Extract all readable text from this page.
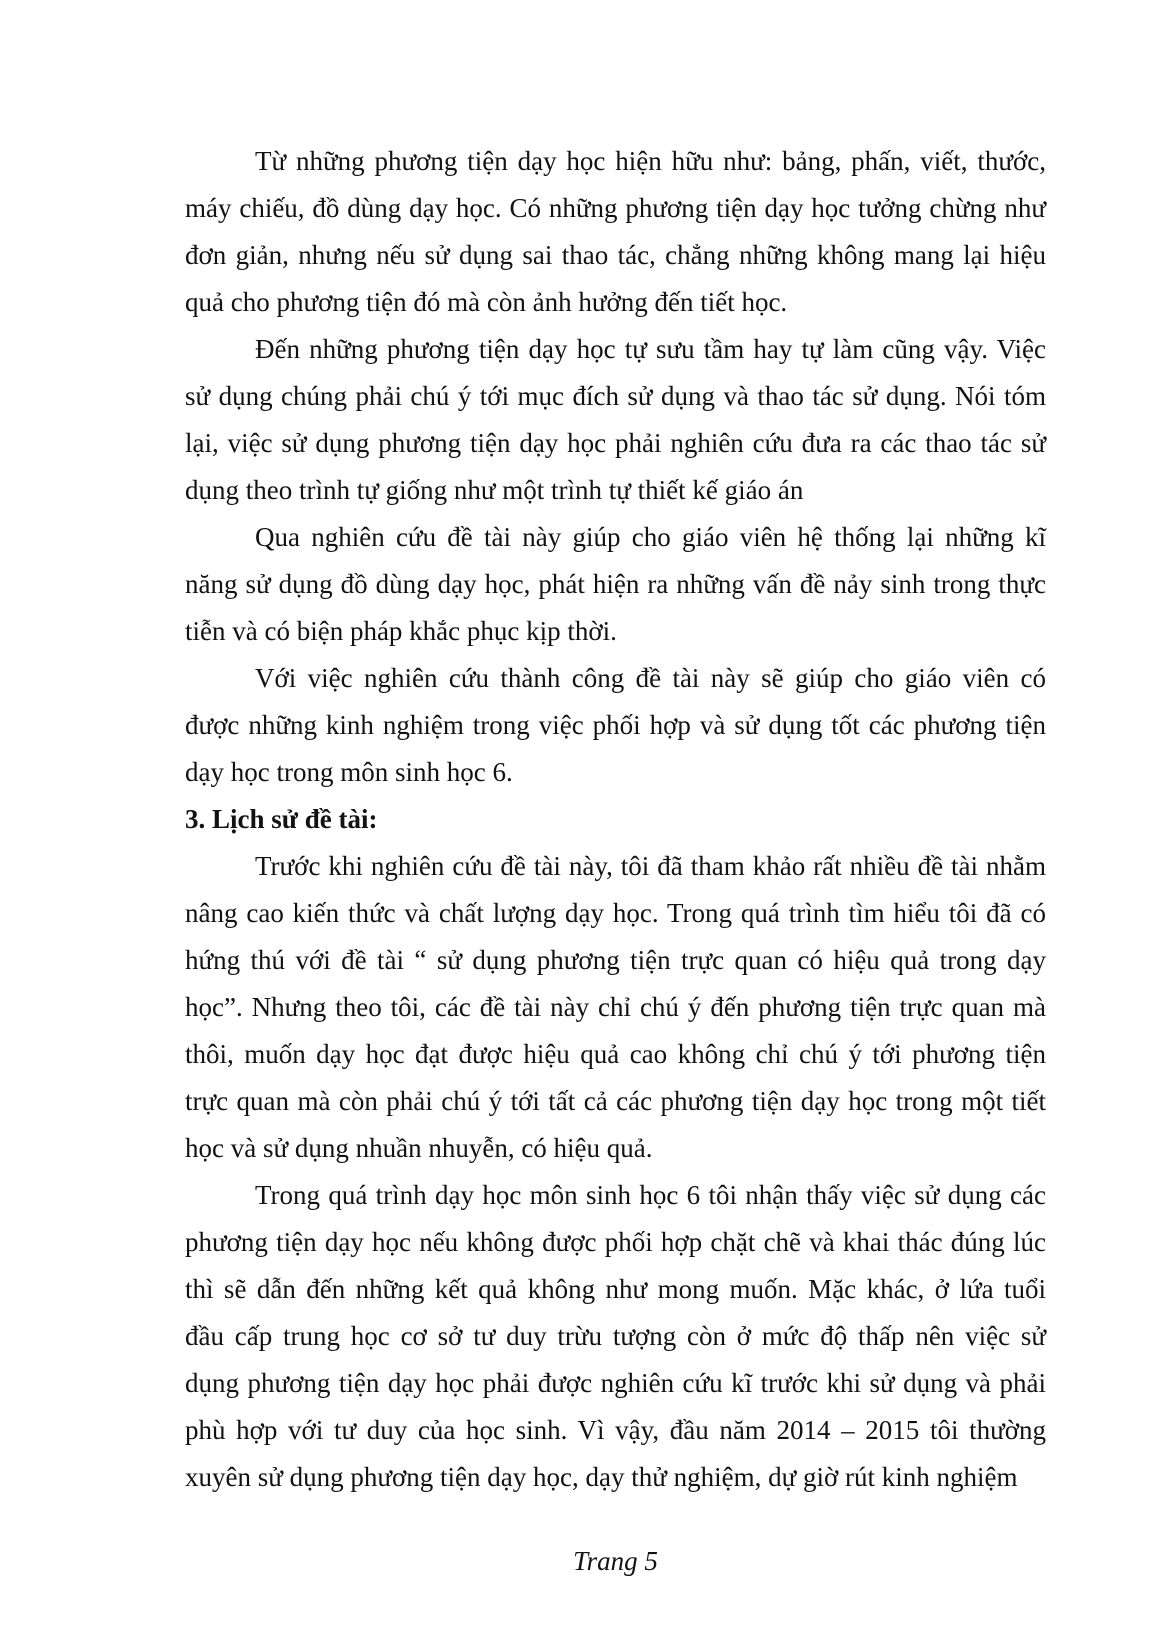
Từ những phương tiện dạy học hiện hữu như: bảng, phấn, viết, thước,
máy chiếu, đồ dùng dạy học. Có những phương tiện dạy học tưởng chừng như
đơn giản, nhưng nếu sử dụng sai thao tác, chẳng những không mang lại hiệu
quả cho phương tiện đó mà còn ảnh hưởng đến tiết học.

Đến những phương tiện dạy học tự sưu tầm hay tự làm cũng vậy. Việc
sử dụng chúng phải chú ý tới mục đích sử dụng và thao tác sử dụng. Nói tóm
lại, việc sử dụng phương tiện dạy học phải nghiên cứu đưa ra các thao tác sử
dụng theo trình tự giống như một trình tự thiết kế giáo án

Qua nghiên cứu đề tài này giúp cho giáo viên hệ thống lại những kĩ
năng sử dụng đồ dùng dạy học, phát hiện ra những vấn đề nảy sinh trong thực
tiễn và có biện pháp khắc phục kịp thời.

Với việc nghiên cứu thành công đề tài này sẽ giúp cho giáo viên có
được những kinh nghiệm trong việc phối hợp và sử dụng tốt các phương tiện
dạy học trong môn sinh học 6.

3. Lịch sử đề tài:

Trước khi nghiên cứu đề tài này, tôi đã tham khảo rất nhiều đề tài nhằm
nâng cao kiến thức và chất lượng dạy học. Trong quá trình tìm hiểu tôi đã có
hứng thú với đề tài “ sử dụng phương tiện trực quan có hiệu quả trong dạy
học”. Nhưng theo tôi, các đề tài này chỉ chú ý đến phương tiện trực quan mà
thôi, muốn dạy học đạt được hiệu quả cao không chỉ chú ý tới phương tiện
trực quan mà còn phải chú ý tới tất cả các phương tiện dạy học trong một tiết
học và sử dụng nhuần nhuyễn, có hiệu quả.

Trong quá trình dạy học môn sinh học 6 tôi nhận thấy việc sử dụng các
phương tiện dạy học nếu không được phối hợp chặt chẽ và khai thác đúng lúc
thì sẽ dẫn đến những kết quả không như mong muốn. Mặc khác, ở lứa tuổi
đầu cấp trung học cơ sở tư duy trừu tượng còn ở mức độ thấp nên việc sử
dụng phương tiện dạy học phải được nghiên cứu kĩ trước khi sử dụng và phải
phù hợp với tư duy của học sinh. Vì vậy, đầu năm 2014 – 2015 tôi thường
xuyên sử dụng phương tiện dạy học, dạy thử nghiệm, dự giờ rút kinh nghiệm

Trang 5
